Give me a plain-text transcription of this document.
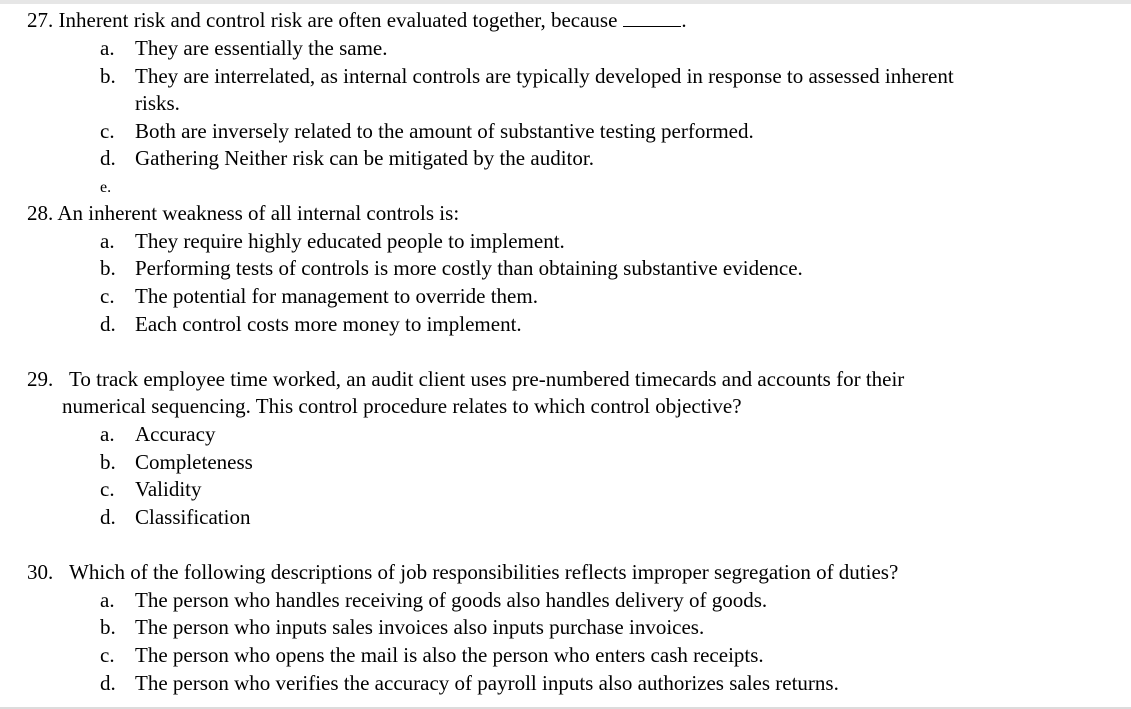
27. Inherent risk and control risk are often evaluated together, because	.
a. They are essentially the same.
b. They are interrelated, as internal controls are typically developed in response to assessed inherent
risks.
c. Both are inversely related to the amount of substantive testing performed.
d. Gathering Neither risk can be mitigated by the auditor.
e.
28. An inherent weakness of all internal controls is:
a. They require highly educated people to implement.
b. Performing tests of controls is more costly than obtaining substantive evidence.
c. The potential for management to override them.
d. Each control costs more money to implement.
29. To track employee time worked, an audit client uses pre-numbered timecards and accounts for their
numerical sequencing. This control procedure relates to which control objective?
a. Accuracy
b. Completeness
c. Validity
d. Classification
30. Which of the following descriptions of job responsibilities reflects improper segregation of duties?
a. The person who handles receiving of goods also handles delivery of goods.
b. The person who inputs sales invoices also inputs purchase invoices.
c. The person who opens the mail is also the person who enters cash receipts.
d. The person who verifies the accuracy of payroll inputs also authorizes sales returns.
